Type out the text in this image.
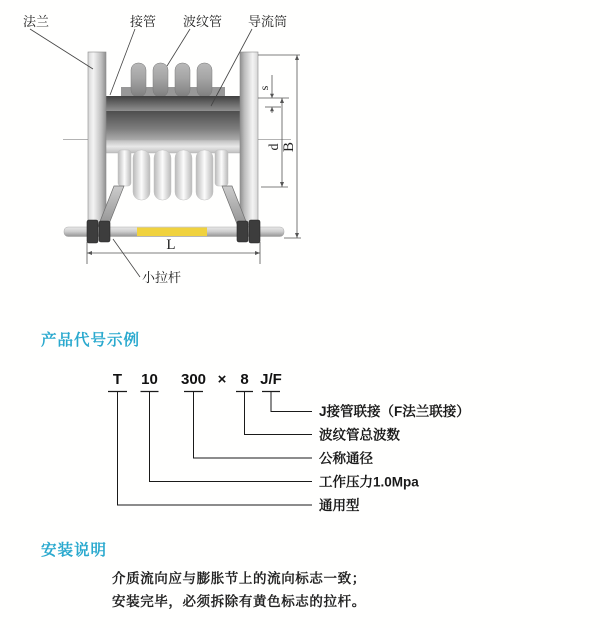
法兰	接管 波纹管 导流筒
小拉杆
s
d B
L
产品代号示例
T 10 300 × 8 J/F
J接管联接（F法兰联接）
波纹管总波数
公称通径
工作压力1.0Mpa
通用型
安装说明
介质流向应与膨胀节上的流向标志一致；
安装完毕，必须拆除有黄色标志的拉杆。
